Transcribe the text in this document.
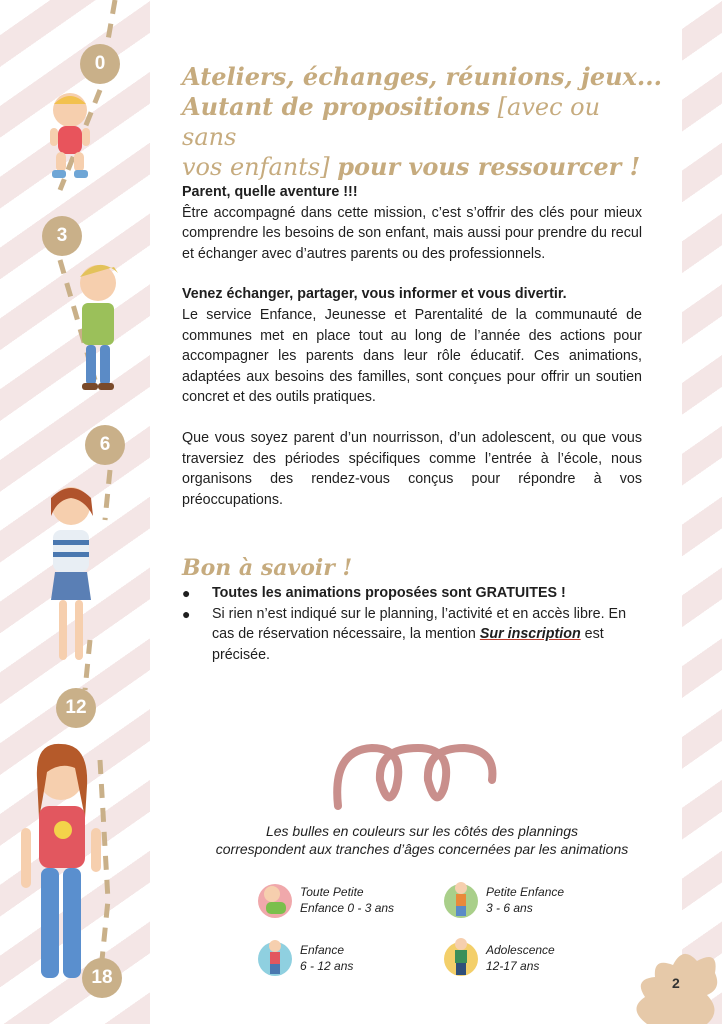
0
3
6
12
18
Ateliers, échanges, réunions, jeux...
Autant de propositions [avec ou sans
vos enfants] pour vous ressourcer !

Parent, quelle aventure !!!
Être accompagné dans cette mission, c’est s’offrir des clés pour mieux comprendre les besoins de son enfant, mais aussi pour prendre du recul et échanger avec d’autres parents ou des professionnels.

Venez échanger, partager, vous informer et vous divertir.
Le service Enfance, Jeunesse et Parentalité de la communauté de communes met en place tout au long de l’année des actions pour accompagner les parents dans leur rôle éducatif. Ces animations, adaptées aux besoins des familles, sont conçues pour offrir un soutien concret et des outils pratiques.

Que vous soyez parent d’un nourrisson, d’un adolescent, ou que vous traversiez des périodes spécifiques comme l’entrée à l’école, nous organisons des rendez-vous conçus pour répondre à vos préoccupations.

Bon à savoir !
●	Toutes les animations proposées sont GRATUITES !
●	Si rien n’est indiqué sur le planning, l’activité et en accès libre. En cas de réservation nécessaire, la mention Sur inscription est précisée.
Les bulles en couleurs sur les côtés des plannings
correspondent aux tranches d’âges concernées par les animations
Toute Petite
Enfance 0 - 3 ans
Petite Enfance
3 - 6 ans
Enfance
6 - 12 ans
Adolescence
12-17 ans
2
